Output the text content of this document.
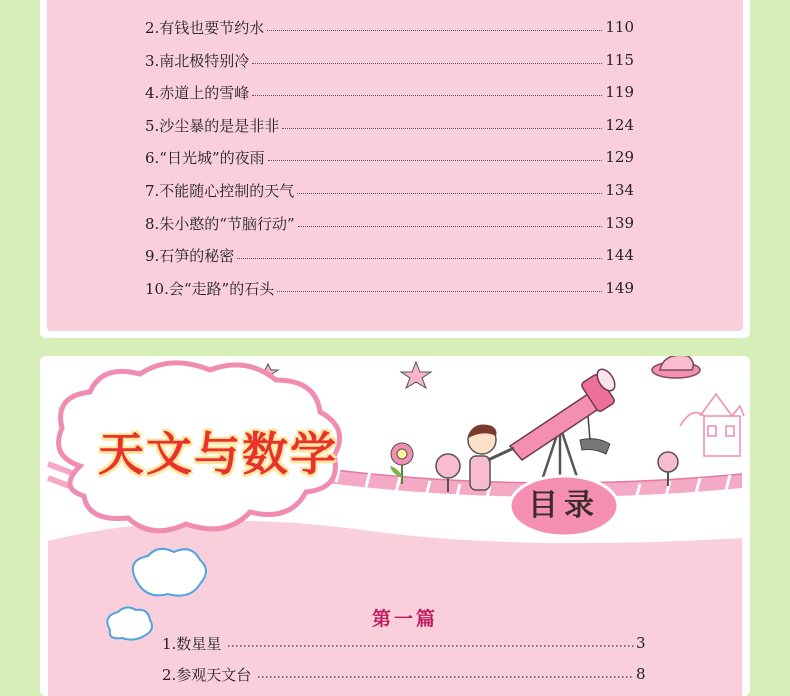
2.有钱也要节约水	110
3.南北极特别冷	115
4.赤道上的雪峰	119
5.沙尘暴的是是非非	124
6.“日光城”的夜雨	129
7.不能随心控制的天气	134
8.朱小憨的“节脑行动”	139
9.石笋的秘密	144
10.会“走路”的石头	149
天文与数学
目录
第一篇
1.数星星	3
2.参观天文台	8
